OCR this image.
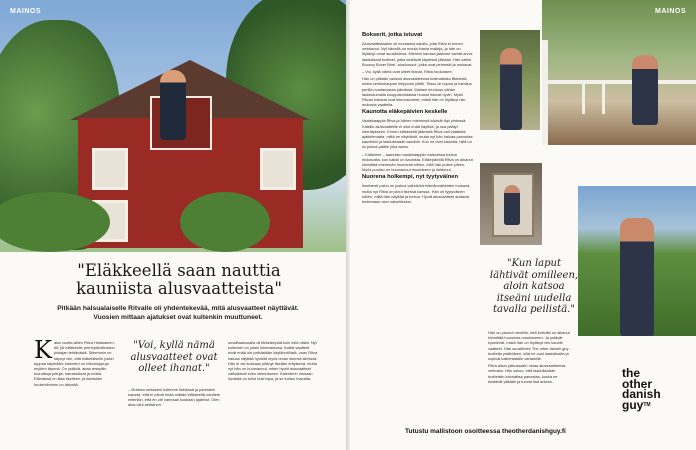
MAINOS
"Eläkkeellä saan nauttia kauniista alusvaatteista"
Pitkään halsualaiselle Ritvalle oli yhdentekevää, mitä alusvaatteet näyttävät. Vuosien mittaan ajatukset ovat kuitenkin muuttuneet.
K aksi vuotta sitten Ritva Hotakainen, 66, jäi eläkkeelle perhepäivähoidon johtajan tehtävästä. Sittemmin on käynyt niin, että eläkeläiselle jotain tuppaa käymään: kalenteri on viikonloppuja myöten täynnä. On ystäviä, akaa reseptiin tuunattuja juttuja, harrastuksia ja mökki. Elämässä on tilaa itselleen, ja itsestään huolehtiminen on tärkeää.
"Voi, kyllä nämä alusvaatteet ovat olleet ihanat."
– Muistan seisseeni kotimme tiskiessä ja pareideni kanssa, että ei nämä enää mitään eläkkeeltä odottele mitenkin, että en ole varmaan koskaan ajatellut. Olen aina ollut aktiivinen.
omaiftaansoalla oli tärkeämpää kuin mitä niistä. Nyt kuitenkin on jotain kiinnostavaa. Kaikki vaatteet eivät enää ole pelkästään käytännöllisiä, vaan Ritva haluaa näyttää hyvältä myös oman itsensä silmissä. Hän ei ole koskaan pitänyt itseään erityisenä, mutta nyt hän on huomannut, miten hyvät alusvaatteet vaikuttavat koko olemukseen. Kalenterin mukaan hyvästä on tullut uusi tapa, ja se tuntuu ihanalta.
Bokserit, jotka istuvat

Alusvaatteissakin oli muutamia asioita, joita Ritva ei ennen omistanut. Nyt hänellä on monia ihania malleja, ja hän on löytänyt omat suosikkinsa. Mieheni kanssa jaamme samat arvot: laadukkaat tuotteet, jotka kestävät käytössä pitkään. Hän valitsi Bouncy Boxer Brief -alushousut, jotka ovat pehmeät ja mukavat.

– Voi, kyllä nämä ovat olleet ihanat, Ritva huokaisee.

Hän on pitkään ostanut alusvaatteensa kotimaisista liikkeistä, mutta verkkokaupan helppous yllätti. Tilaus oli nopea ja toimitus perillä muutamassa päivässä. Mahani muotoon vähän laskeutumalla kuoppakohdassa housut istuvat hyvin. Myös Ritvan tuttavat ovat kiinnostuneet, mistä hän on löytänyt niin mukavia vaatteita.

Kaunotta eläkepäivien keskelle

Vaatekaappia Ritva ja hänen miehensä kävivät läpi yhdessä. Kaikille alusvaatteille ei ollut enää käyttöä, ja osa päätyi kierrätykseen. Ennen eläkkeellä jäämistä Ritva osti vaatteita ajattelematta, miltä ne näyttävät, mutta nyt hän haluaa panostaa kauniisiin ja laadukkaisiin asioihin. Kun ne ovat kauniita, niitä on ilo pukea päälle joka aamu.

– Kiitämme – aamuisin vaatekaappiin katsoessa tuntuu mukavalta, kun kaikki on kaunista. Eläkepäivillä Ritva on alkanut kiinnittää enemmän huomiota siihen, mitä hän pukee ylleen. Myös puoliso on huomannut muutoksen ja ilahtunut.

Nuorena holkempi, nyt tyytyväinen

Ilmeisesti paino on joskus vaihdellut elämänvaiheiden mukana, mutta nyt Ritva on sinut itsensä kanssa. Hän on tyytyväinen siihen, miltä hän näyttää ja tuntuu. Hyvät alusvaatteet auttavat tuntemaan olon naiselliseksi.

MAINOS
"Kun laput lähtivät omilleen, aloin katsoa itseäni uudella tavalla peilistä."

Hän on pannut merkille, että kotiväki on alkanut kiinnittää huomiota muutokseen. Ja ystävät kyselevät, mistä hän on löytänyt niin kauniit vaatteet. Hän suosittelee The other danish guy -tuotteita ystävilleen, sillä ne ovat laadukkaita ja sopivat kaikenlaisille vartaloille.

Ritva aikoo jatkossakin ostaa alusvaatteensa verkosta. Hän uskoo, että laadukkaisiin tuotteisiin kannattaa panostaa, koska ne kestävät pitkään ja tuovat iloa arkeen.

the
other
danish
guy™
Tutustu mallistoon osoitteessa theotherdanishguy.fi
